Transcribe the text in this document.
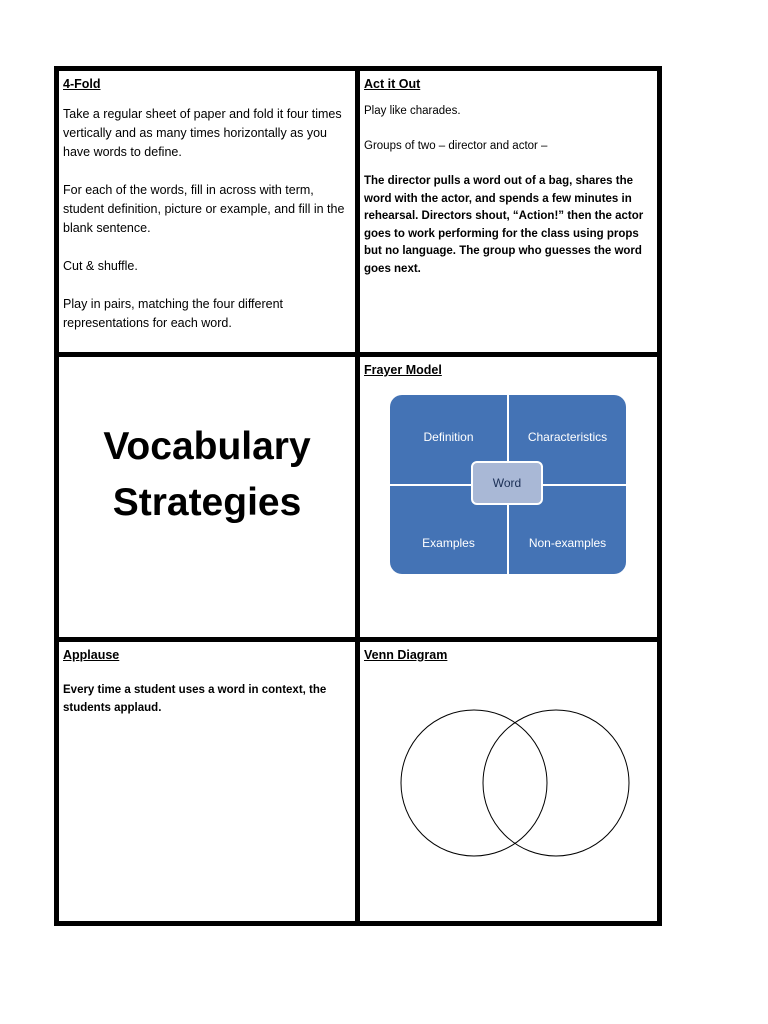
4-Fold

Take a regular sheet of paper and fold it four times vertically and as many times horizontally as you have words to define.

For each of the words, fill in across with term, student definition, picture or example, and fill in the blank sentence.

Cut & shuffle.

Play in pairs, matching the four different representations for each word.

Act it Out

Play like charades.

Groups of two – director and actor –

The director pulls a word out of a bag, shares the word with the actor, and spends a few minutes in rehearsal. Directors shout, “Action!” then the actor goes to work performing for the class using props but no language. The group who guesses the word goes next.

Vocabulary
Strategies
Frayer Model
Definition	Characteristics
Examples	Non-examples
Word
Applause
Every time a student uses a word in context, the students applaud.
Venn Diagram
